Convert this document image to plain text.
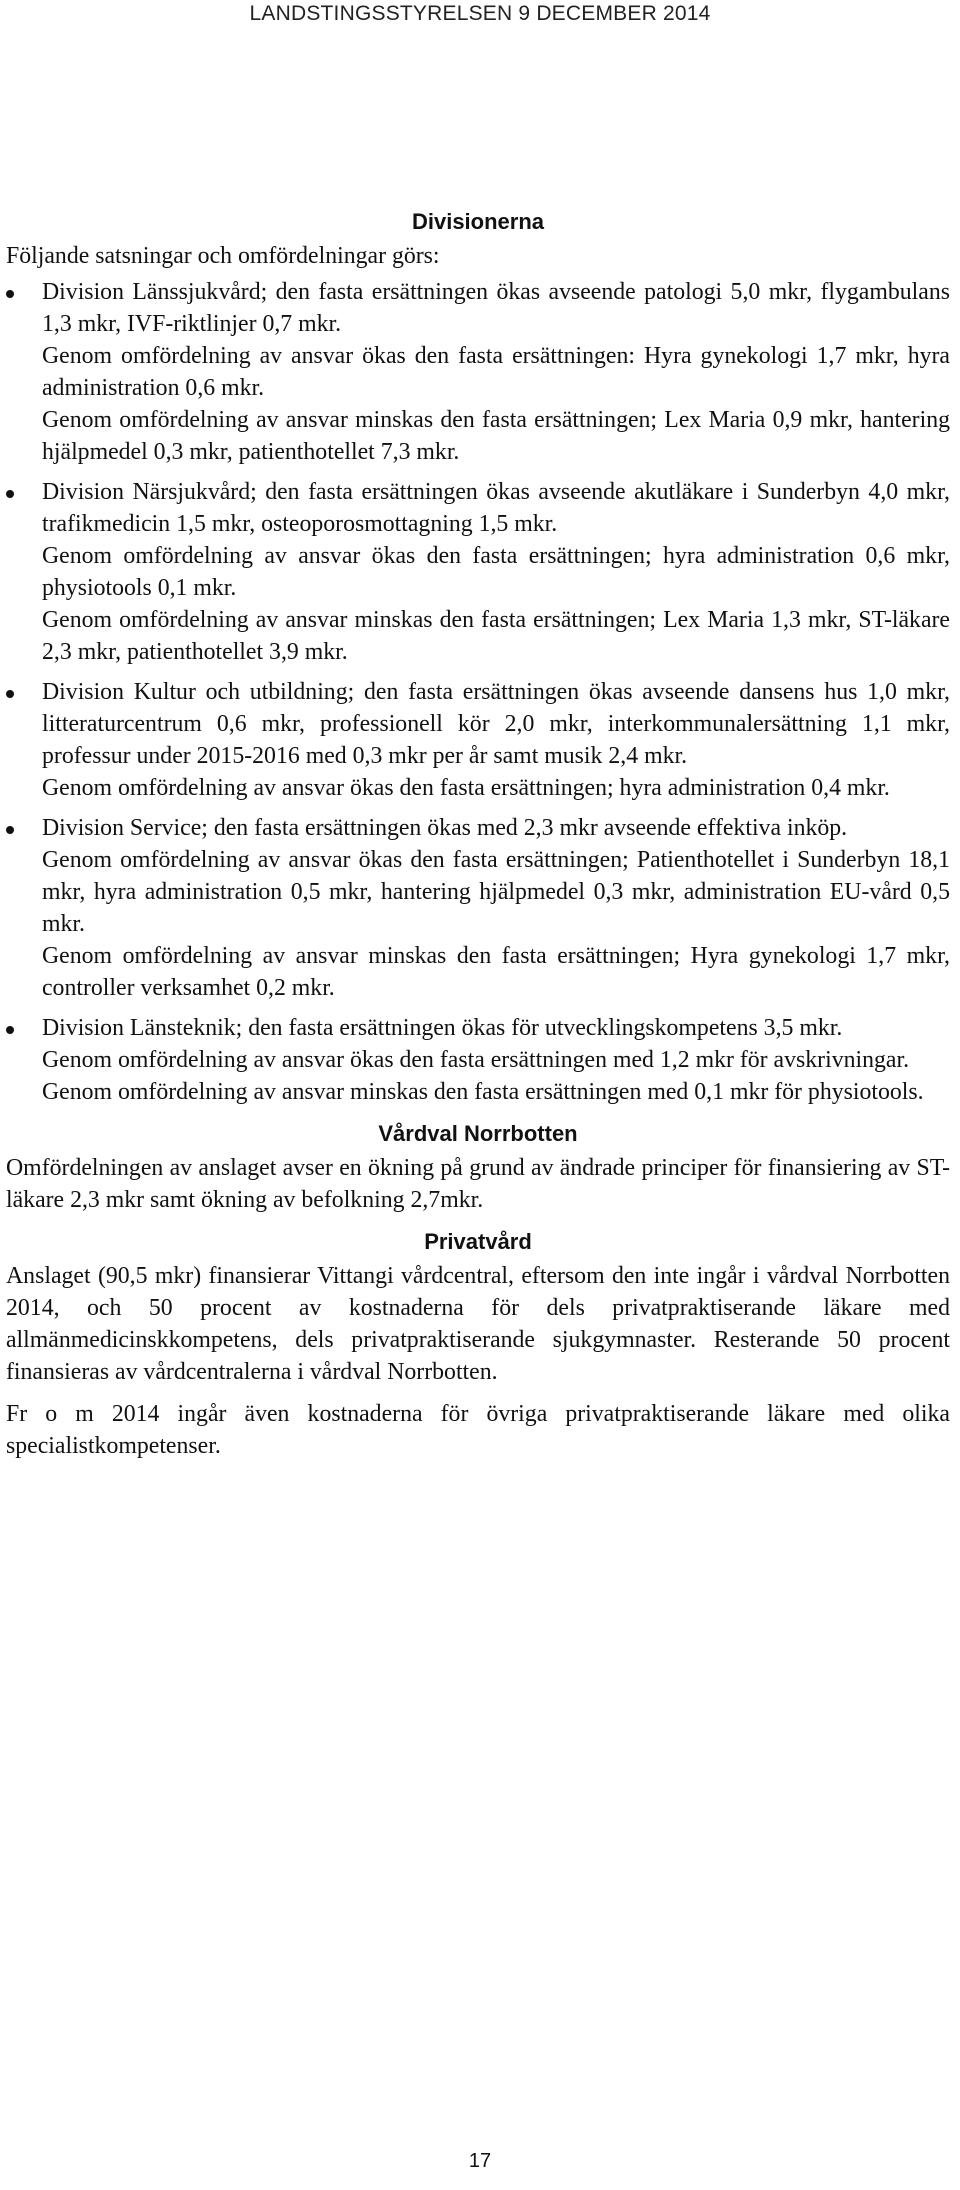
LANDSTINGSSTYRELSEN 9 DECEMBER 2014
Divisionerna

Följande satsningar och omfördelningar görs:

Division Länssjukvård; den fasta ersättningen ökas avseende patologi 5,0 mkr, flygambulans 1,3 mkr, IVF-riktlinjer 0,7 mkr.

Genom omfördelning av ansvar ökas den fasta ersättningen: Hyra gynekologi 1,7 mkr, hyra administration 0,6 mkr.

Genom omfördelning av ansvar minskas den fasta ersättningen; Lex Maria 0,9 mkr, hantering hjälpmedel 0,3 mkr, patienthotellet 7,3 mkr.

Division Närsjukvård; den fasta ersättningen ökas avseende akutläkare i Sunderbyn 4,0 mkr, trafikmedicin 1,5 mkr, osteoporosmottagning 1,5 mkr.

Genom omfördelning av ansvar ökas den fasta ersättningen; hyra administration 0,6 mkr, physiotools 0,1 mkr.

Genom omfördelning av ansvar minskas den fasta ersättningen; Lex Maria 1,3 mkr, ST-läkare 2,3 mkr, patienthotellet 3,9 mkr.

Division Kultur och utbildning; den fasta ersättningen ökas avseende dansens hus 1,0 mkr, litteraturcentrum 0,6 mkr, professionell kör 2,0 mkr, interkommunalersättning 1,1 mkr, professur under 2015-2016 med 0,3 mkr per år samt musik 2,4 mkr.

Genom omfördelning av ansvar ökas den fasta ersättningen; hyra administration 0,4 mkr.

Division Service; den fasta ersättningen ökas med 2,3 mkr avseende effektiva inköp.

Genom omfördelning av ansvar ökas den fasta ersättningen; Patienthotellet i Sunderbyn 18,1 mkr, hyra administration 0,5 mkr, hantering hjälpmedel 0,3 mkr, administration EU-vård 0,5 mkr.

Genom omfördelning av ansvar minskas den fasta ersättningen; Hyra gynekologi 1,7 mkr, controller verksamhet 0,2 mkr.

Division Länsteknik; den fasta ersättningen ökas för utvecklingskompetens 3,5 mkr.

Genom omfördelning av ansvar ökas den fasta ersättningen med 1,2 mkr för avskrivningar.

Genom omfördelning av ansvar minskas den fasta ersättningen med 0,1 mkr för physiotools.

Vårdval Norrbotten

Omfördelningen av anslaget avser en ökning på grund av ändrade principer för finansiering av ST-läkare 2,3 mkr samt ökning av befolkning 2,7mkr.

Privatvård

Anslaget (90,5 mkr) finansierar Vittangi vårdcentral, eftersom den inte ingår i vårdval Norrbotten 2014, och 50 procent av kostnaderna för dels privatpraktiserande läkare med allmänmedicinskkompetens, dels privatpraktiserande sjukgymnaster. Resterande 50 procent finansieras av vårdcentralerna i vårdval Norrbotten.

Fr o m 2014 ingår även kostnaderna för övriga privatpraktiserande läkare med olika specialistkompetenser.

17
